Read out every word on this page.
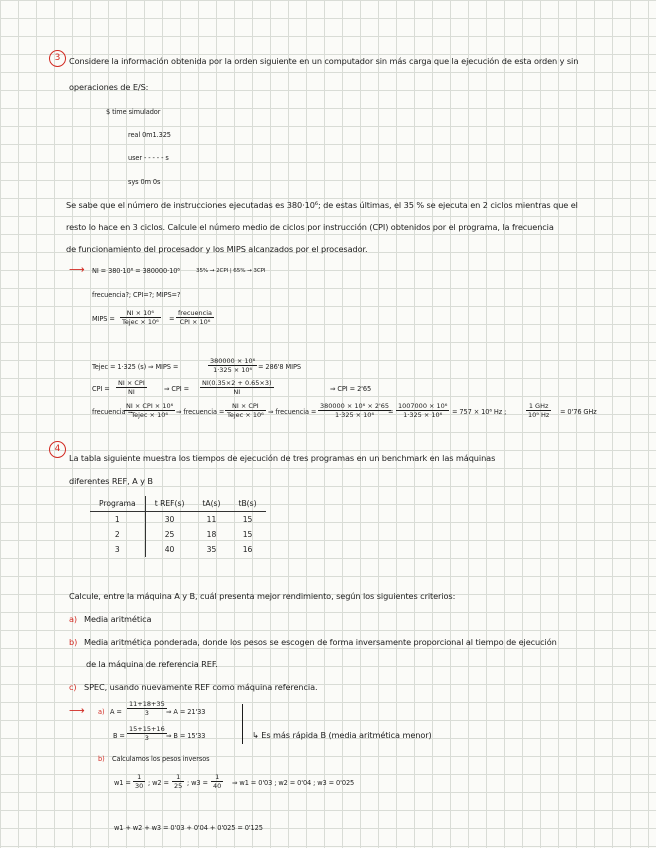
3	Considere la información obtenida por la orden siguiente en un computador sin más carga que la ejecución de esta orden y sin
operaciones de E/S:
$ time simulador
real 0m1.325
user - - - - - s
sys 0m 0s
Se sabe que el número de instrucciones ejecutadas es 380·10⁶; de estas últimas, el 35 % se ejecuta en 2 ciclos mientras que el
resto lo hace en 3 ciclos. Calcule el número medio de ciclos por instrucción (CPI) obtenidos por el programa, la frecuencia
de funcionamiento del procesador y los MIPS alcanzados por el procesador.
⟶ NI = 380·10⁶ = 380000·10⁶	35% → 2CPI | 65% → 3CPI
frecuencia?; CPI=?; MIPS=?
MIPS =
NI × 10⁶
Tejec × 10⁶	=
frecuencia
CPI × 10⁶
Tejec = 1·325 (s) ⇒ MIPS =	$\frac{\text{380000 × 10⁶}}{\text{1·325 × 10⁶}} = 286'8$ MIPS
CPI =
NI × CPI
NI	⇒ CPI = $\frac{NI(0.35\times 2 + 0.65\times 3)}{NI}$	⇒ CPI = 2'65
frecuencia =
NI × CPI × 10⁶
Tejec × 10⁶	⇒ frecuencia =
NI × CPI
Tejec × 10⁶ ⇒ frecuencia = $\frac{\text{380000 × 10⁶ × 2'65}}{\text{1·325 × 10⁶}}$
= $\frac{\text{1007000 × 10⁶}}{\text{1·325 × 10⁶}} = 757 \times 10^6$ Hz ;
1 GHz
10⁹ Hz	= 0'76 GHz
4
La tabla siguiente muestra los tiempos de ejecución de tres programas en un benchmark en las máquinas
diferentes REF, A y B
Programa	t REF(s)	tA(s)	tB(s)
1	30	11	15
2	25	18	15
3	40	35	16
Calcule, entre la máquina A y B, cuál presenta mejor rendimiento, según los siguientes criterios:
a) Media aritmética
b) Media aritmética ponderada, donde los pesos se escogen de forma inversamente proporcional al tiempo de ejecución
de la máquina de referencia REF.
c) SPEC, usando nuevamente REF como máquina referencia.
⟶ a) $A = \frac{11+18+35}{3}$ ⇒ A = 21'33
$B = \frac{15+15+16}{3}$ ⇒ B = 15'33	↳ Es más rápida B (media aritmética menor)
b) Calculamos los pesos inversos
$w1 = \frac{1}{30}$ ; $w2 = \frac{1}{25}$ ; $w3 = \frac{1}{40}$ ⇒ w1 = 0'03 ; w2 = 0'04 ; w3 = 0'025
w1 + w2 + w3 = 0'03 + 0'04 + 0'025 = 0'125
